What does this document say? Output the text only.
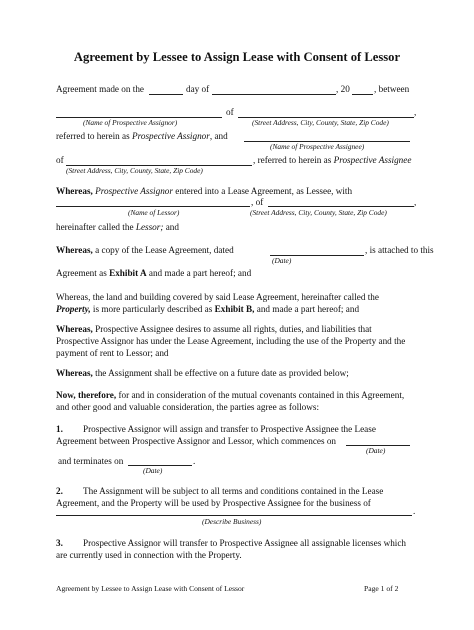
Agreement by Lessee to Assign Lease with Consent of Lessor
Agreement made on the	day of	, 20	, between
of	,
(Name of Prospective Assignor)	(Street Address, City, County, State, Zip Code)
referred to herein as Prospective Assignor, and
(Name of Prospective Assignee)
of	, referred to herein as Prospective Assignee
(Street Address, City, County, State, Zip Code)
Whereas, Prospective Assignor entered into a Lease Agreement, as Lessee, with
, of	,
(Name of Lessor)	(Street Address, City, County, State, Zip Code)
hereinafter called the Lessor; and
Whereas, a copy of the Lease Agreement, dated	, is attached to this
(Date)
Agreement as Exhibit A and made a part hereof; and
Whereas, the land and building covered by said Lease Agreement, hereinafter called the
Property, is more particularly described as Exhibit B, and made a part hereof; and
Whereas, Prospective Assignee desires to assume all rights, duties, and liabilities that
Prospective Assignor has under the Lease Agreement, including the use of the Property and the
payment of rent to Lessor; and
Whereas, the Assignment shall be effective on a future date as provided below;
Now, therefore, for and in consideration of the mutual covenants contained in this Agreement,
and other good and valuable consideration, the parties agree as follows:
1. Prospective Assignor will assign and transfer to Prospective Assignee the Lease
Agreement between Prospective Assignor and Lessor, which commences on
(Date)
and terminates on	.
(Date)
2. The Assignment will be subject to all terms and conditions contained in the Lease
Agreement, and the Property will be used by Prospective Assignee for the business of
.
(Describe Business)
3. Prospective Assignor will transfer to Prospective Assignee all assignable licenses which
are currently used in connection with the Property.
Agreement by Lessee to Assign Lease with Consent of Lessor	Page 1 of 2
